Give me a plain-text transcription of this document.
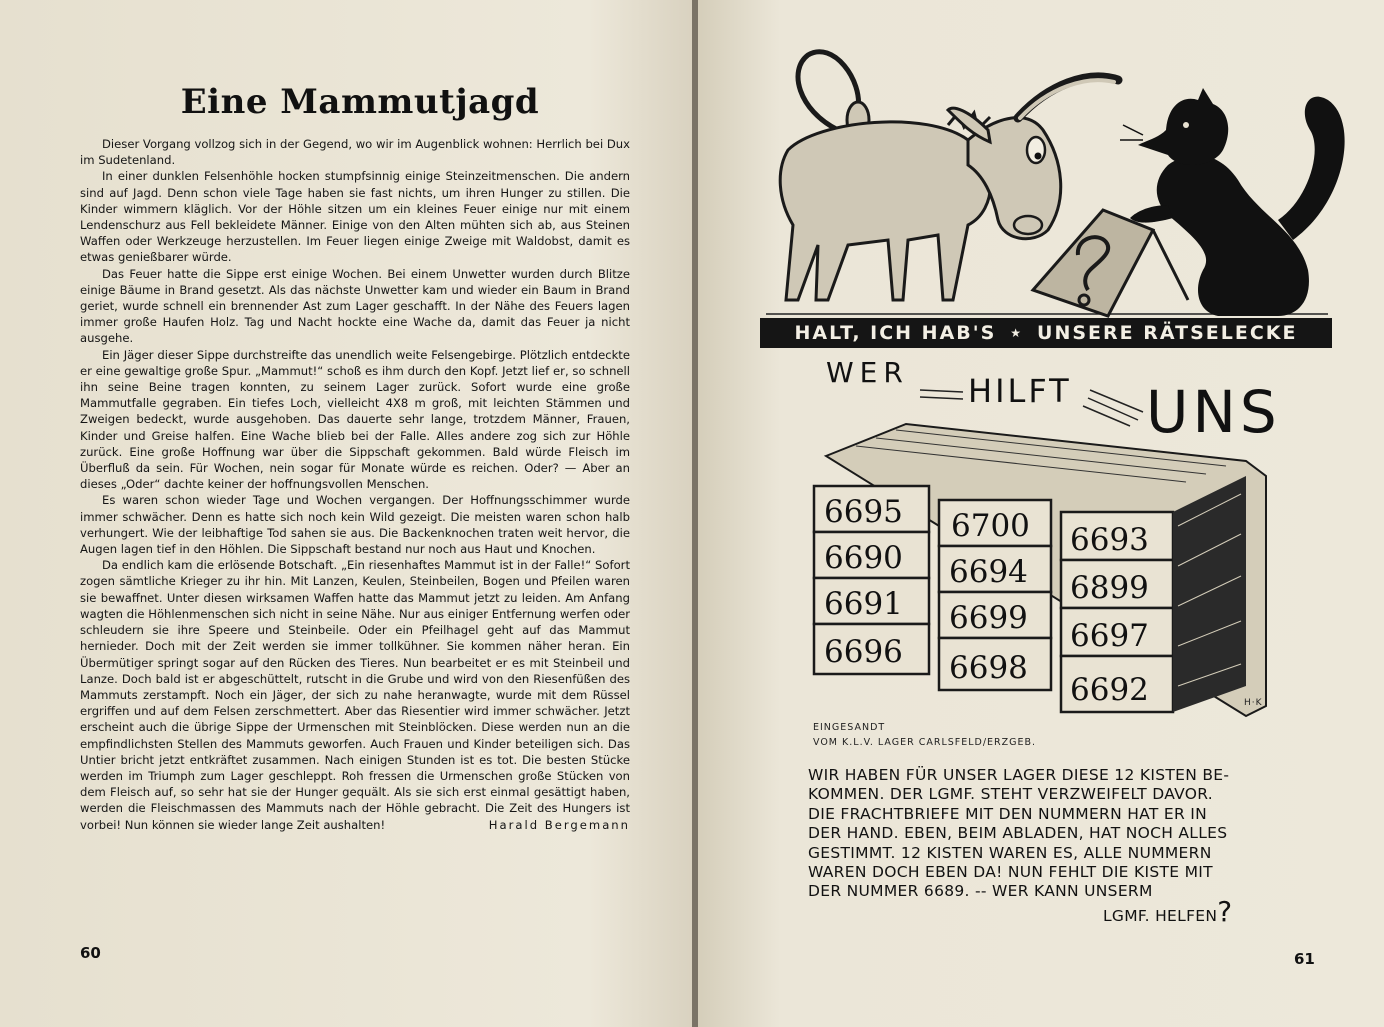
Eine Mammutjagd

Dieser Vorgang vollzog sich in der Gegend, wo wir im Augenblick wohnen: Herrlich bei Dux im Sudetenland.

In einer dunklen Felsenhöhle hocken stumpfsinnig einige Steinzeitmenschen. Die andern sind auf Jagd. Denn schon viele Tage haben sie fast nichts, um ihren Hunger zu stillen. Die Kinder wimmern kläglich. Vor der Höhle sitzen um ein kleines Feuer einige nur mit einem Lendenschurz aus Fell bekleidete Männer. Einige von den Alten mühten sich ab, aus Steinen Waffen oder Werkzeuge herzustellen. Im Feuer liegen einige Zweige mit Waldobst, damit es etwas genießbarer würde.

Das Feuer hatte die Sippe erst einige Wochen. Bei einem Unwetter wurden durch Blitze einige Bäume in Brand gesetzt. Als das nächste Unwetter kam und wieder ein Baum in Brand geriet, wurde schnell ein brennender Ast zum Lager geschafft. In der Nähe des Feuers lagen immer große Haufen Holz. Tag und Nacht hockte eine Wache da, damit das Feuer ja nicht ausgehe.

Ein Jäger dieser Sippe durchstreifte das unendlich weite Felsengebirge. Plötzlich entdeckte er eine gewaltige große Spur. „Mammut!“ schoß es ihm durch den Kopf. Jetzt lief er, so schnell ihn seine Beine tragen konnten, zu seinem Lager zurück. Sofort wurde eine große Mammutfalle gegraben. Ein tiefes Loch, vielleicht 4X8 m groß, mit leichten Stämmen und Zweigen bedeckt, wurde ausgehoben. Das dauerte sehr lange, trotzdem Männer, Frauen, Kinder und Greise halfen. Eine Wache blieb bei der Falle. Alles andere zog sich zur Höhle zurück. Eine große Hoffnung war über die Sippschaft gekommen. Bald würde Fleisch im Überfluß da sein. Für Wochen, nein sogar für Monate würde es reichen. Oder? — Aber an dieses „Oder“ dachte keiner der hoffnungsvollen Menschen.

Es waren schon wieder Tage und Wochen vergangen. Der Hoffnungsschimmer wurde immer schwächer. Denn es hatte sich noch kein Wild gezeigt. Die meisten waren schon halb verhungert. Wie der leibhaftige Tod sahen sie aus. Die Backenknochen traten weit hervor, die Augen lagen tief in den Höhlen. Die Sippschaft bestand nur noch aus Haut und Knochen.

Da endlich kam die erlösende Botschaft. „Ein riesenhaftes Mammut ist in der Falle!“ Sofort zogen sämtliche Krieger zu ihr hin. Mit Lanzen, Keulen, Steinbeilen, Bogen und Pfeilen waren sie bewaffnet. Unter diesen wirksamen Waffen hatte das Mammut jetzt zu leiden. Am Anfang wagten die Höhlenmenschen sich nicht in seine Nähe. Nur aus einiger Entfernung werfen oder schleudern sie ihre Speere und Steinbeile. Oder ein Pfeilhagel geht auf das Mammut hernieder. Doch mit der Zeit werden sie immer tollkühner. Sie kommen näher heran. Ein Übermütiger springt sogar auf den Rücken des Tieres. Nun bearbeitet er es mit Steinbeil und Lanze. Doch bald ist er abgeschüttelt, rutscht in die Grube und wird von den Riesenfüßen des Mammuts zerstampft. Noch ein Jäger, der sich zu nahe heranwagte, wurde mit dem Rüssel ergriffen und auf dem Felsen zerschmettert. Aber das Riesentier wird immer schwächer. Jetzt erscheint auch die übrige Sippe der Urmenschen mit Steinblöcken. Diese werden nun an die empfindlichsten Stellen des Mammuts geworfen. Auch Frauen und Kinder beteiligen sich. Das Untier bricht jetzt entkräftet zusammen. Nach einigen Stunden ist es tot. Die besten Stücke werden im Triumph zum Lager geschleppt. Roh fressen die Urmenschen große Stücken von dem Fleisch auf, so sehr hat sie der Hunger gequält. Als sie sich erst einmal gesättigt haben, werden die Fleischmassen des Mammuts nach der Höhle gebracht. Die Zeit des Hungers ist vorbei! Nun können sie wieder lange Zeit aushalten!	Harald Bergemann
60
HALT, ICH HAB'S ★ UNSERE RÄTSELECKE
WER HILFT UNS
6695
6690
6691
6696
6700
6694
6699
6698
6693
6899
6697
6692	H·K
EINGESANDT
VOM K.L.V. LAGER CARLSFELD/ERZGEB.
WIR HABEN FÜR UNSER LAGER DIESE 12 KISTEN BE-
KOMMEN. DER LGMF. STEHT VERZWEIFELT DAVOR.
DIE FRACHTBRIEFE MIT DEN NUMMERN HAT ER IN
DER HAND. EBEN, BEIM ABLADEN, HAT NOCH ALLES
GESTIMMT. 12 KISTEN WAREN ES, ALLE NUMMERN
WAREN DOCH EBEN DA! NUN FEHLT DIE KISTE MIT
DER NUMMER 6689. -- WER KANN UNSERM
LGMF. HELFEN?
61
